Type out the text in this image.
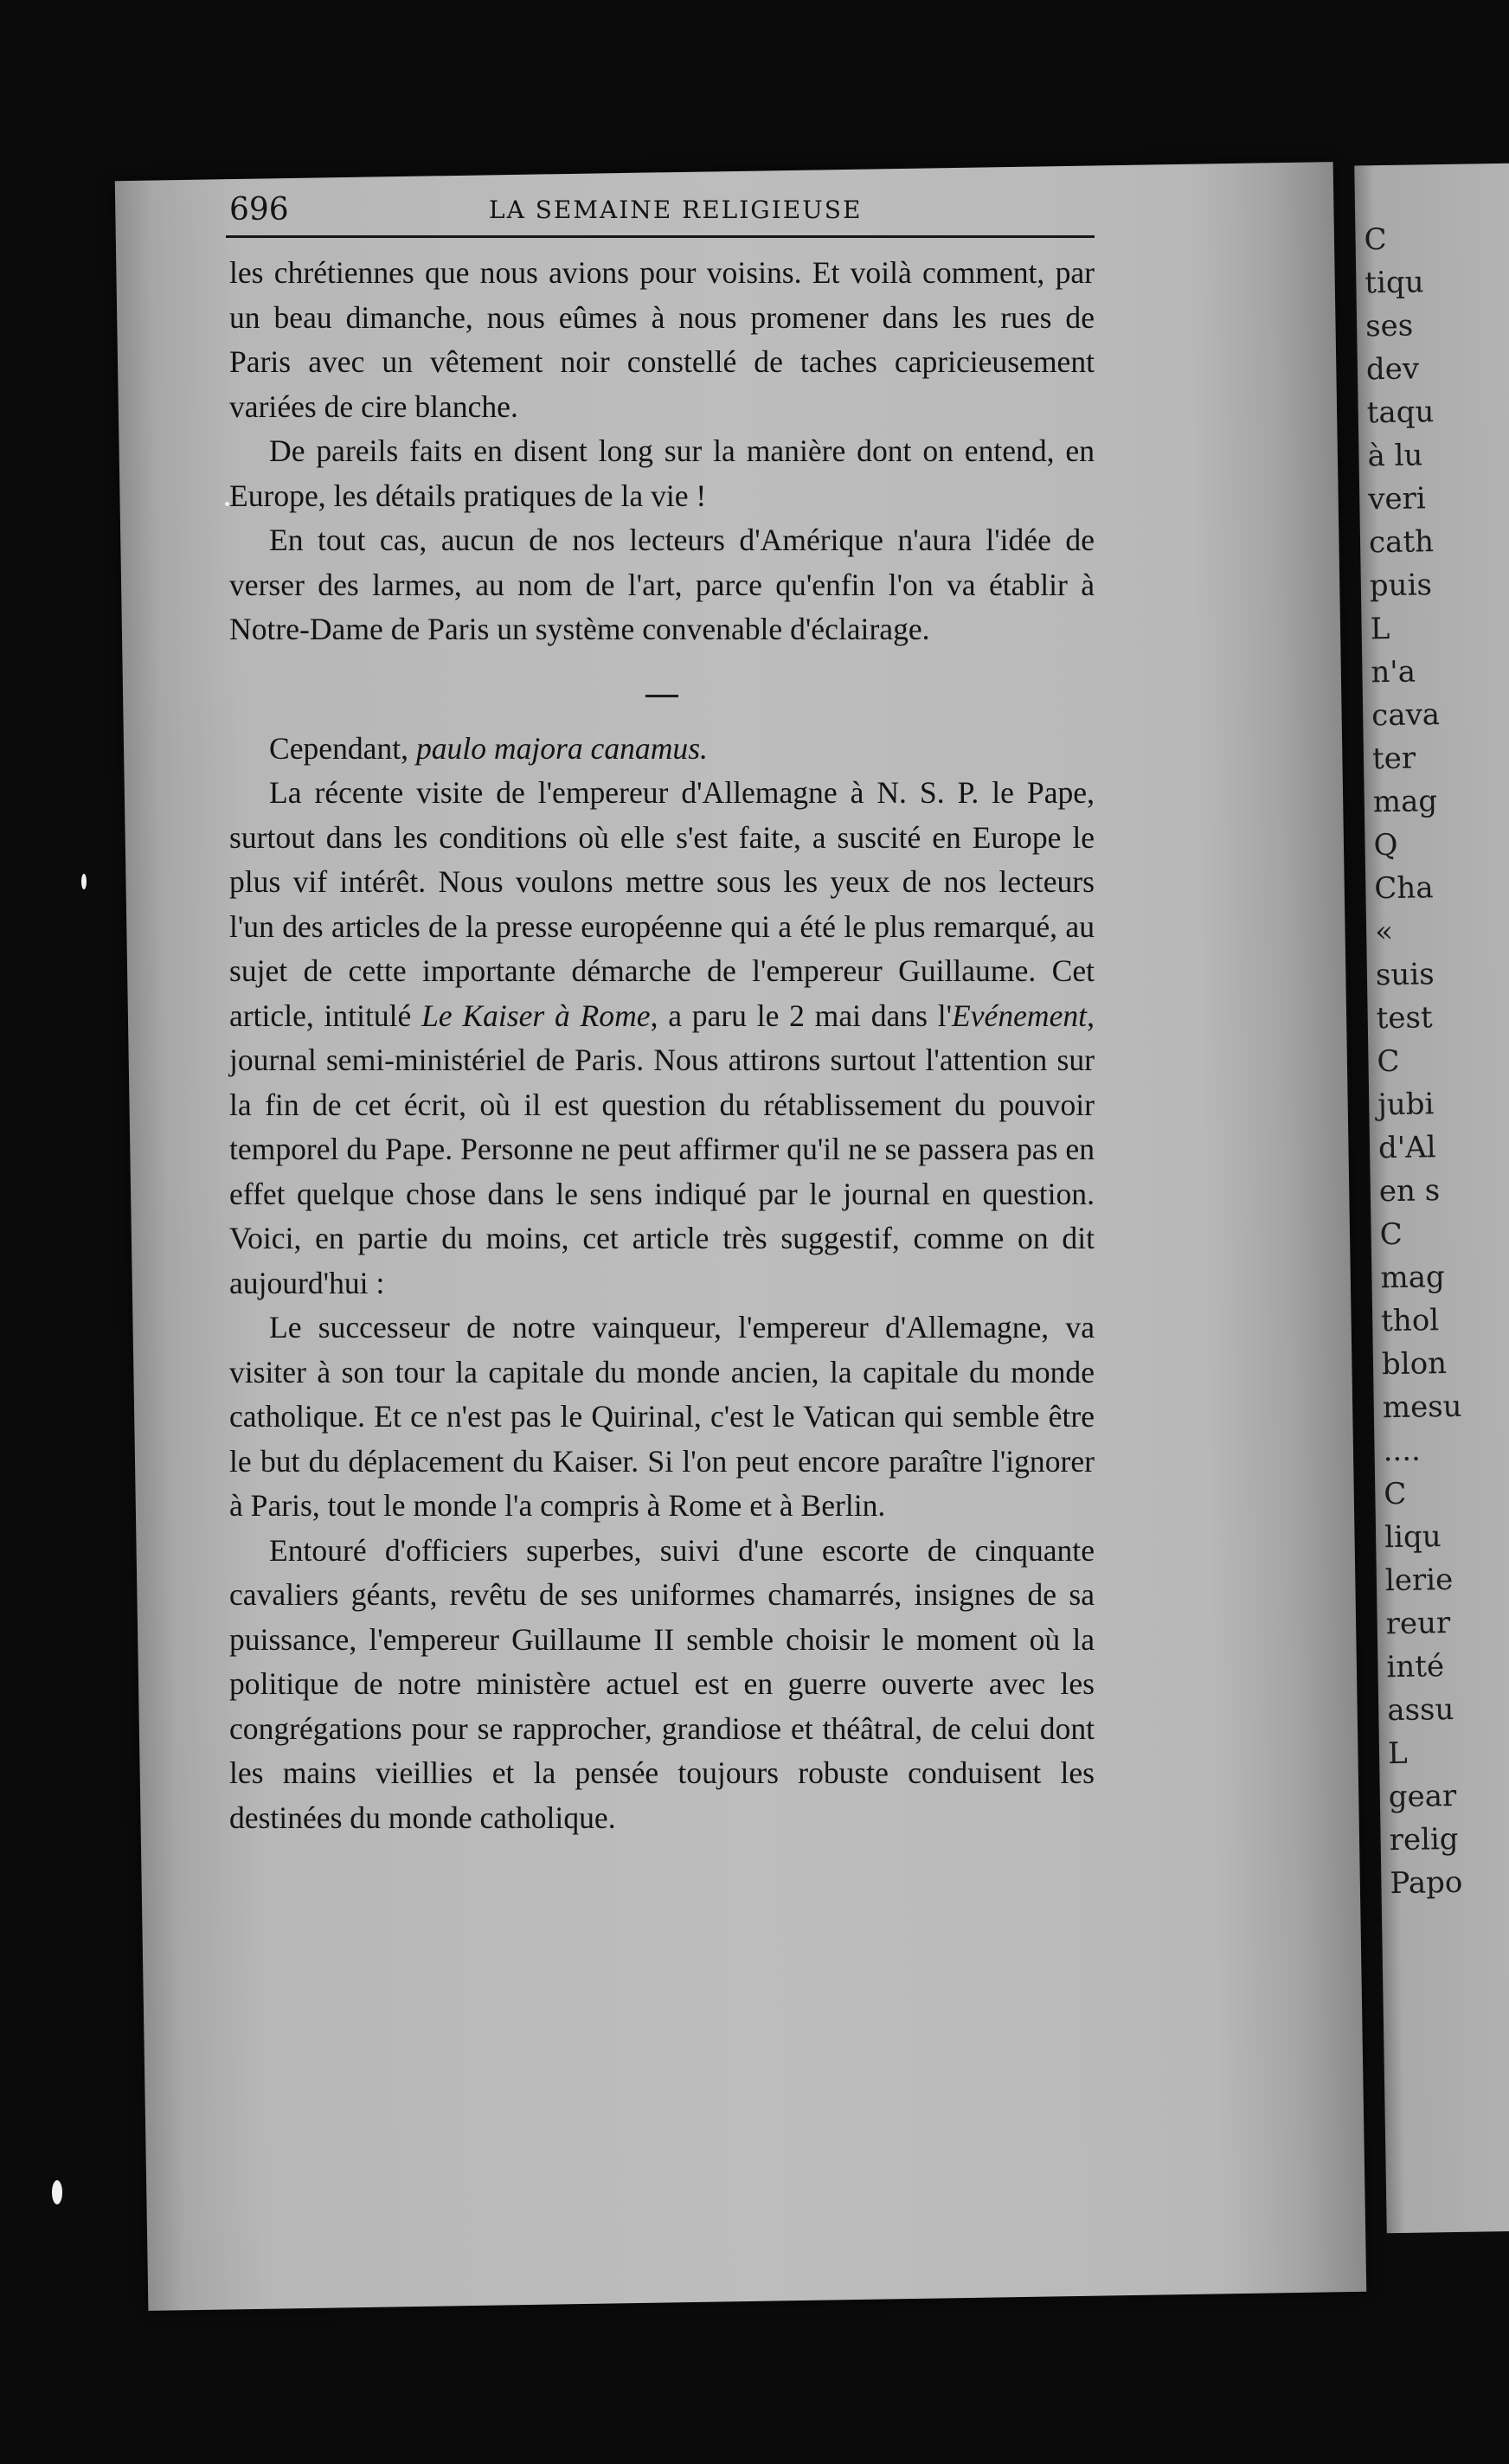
C
tiqu
ses
dev
taqu
à lu
veri
cath
puis
L
n'a
cava
ter
mag
Q
Cha
«
suis
test
C
jubi
d'Al
en s
C
mag
thol
blon
mesu
....
C
liqu
lerie
reur
inté
assu
L
gear
relig
Papo
696	LA SEMAINE RELIGIEUSE

les chrétiennes que nous avions pour voisins. Et voilà comment, par un beau dimanche, nous eûmes à nous promener dans les rues de Paris avec un vêtement noir constellé de taches capricieusement variées de cire blanche.

De pareils faits en disent long sur la manière dont on entend, en Europe, les détails pratiques de la vie !

En tout cas, aucun de nos lecteurs d'Amérique n'aura l'idée de verser des larmes, au nom de l'art, parce qu'enfin l'on va établir à Notre-Dame de Paris un système convenable d'éclairage.

Cependant, paulo majora canamus.

La récente visite de l'empereur d'Allemagne à N. S. P. le Pape, surtout dans les conditions où elle s'est faite, a suscité en Europe le plus vif intérêt. Nous voulons mettre sous les yeux de nos lecteurs l'un des articles de la presse européenne qui a été le plus remarqué, au sujet de cette importante démarche de l'empereur Guillaume. Cet article, intitulé Le Kaiser à Rome, a paru le 2 mai dans l'Evénement, journal semi-ministériel de Paris. Nous attirons surtout l'attention sur la fin de cet écrit, où il est question du rétablissement du pouvoir temporel du Pape. Personne ne peut affirmer qu'il ne se passera pas en effet quelque chose dans le sens indiqué par le journal en question. Voici, en partie du moins, cet article très suggestif, comme on dit aujourd'hui :

Le successeur de notre vainqueur, l'empereur d'Allemagne, va visiter à son tour la capitale du monde ancien, la capitale du monde catholique. Et ce n'est pas le Quirinal, c'est le Vatican qui semble être le but du déplacement du Kaiser. Si l'on peut encore paraître l'ignorer à Paris, tout le monde l'a compris à Rome et à Berlin.

Entouré d'officiers superbes, suivi d'une escorte de cinquante cavaliers géants, revêtu de ses uniformes chamarrés, insignes de sa puissance, l'empereur Guillaume II semble choisir le moment où la politique de notre ministère actuel est en guerre ouverte avec les congrégations pour se rapprocher, grandiose et théâtral, de celui dont les mains vieillies et la pensée toujours robuste conduisent les destinées du monde catholique.
